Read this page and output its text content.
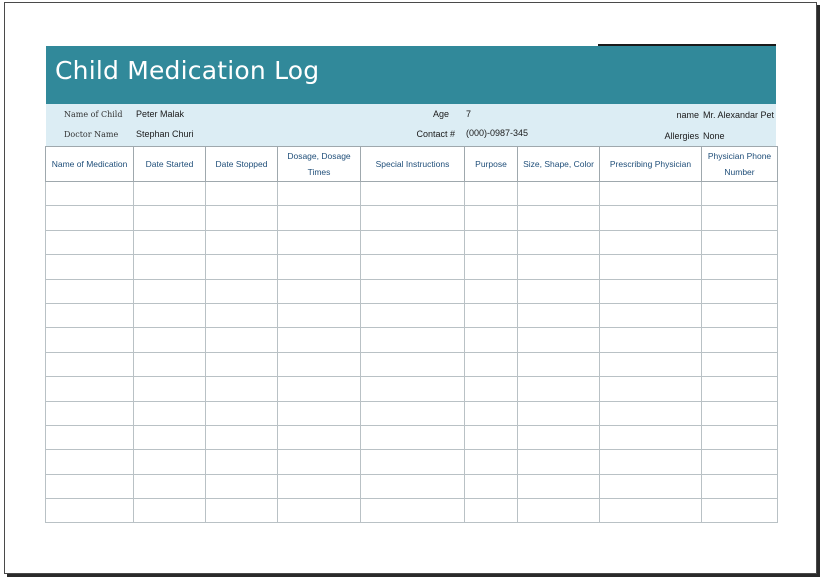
Child Medication Log
Name of Child Peter Malak	Age 7	name Mr. Alexandar Pet
Doctor Name Stephan Churi	Contact # (000)-0987-345	Allergies None
Name of Medication	Date Started	Date Stopped	Dosage, Dosage Times	Special Instructions	Purpose	Size, Shape, Color	Prescribing Physician	Physician Phone Number
